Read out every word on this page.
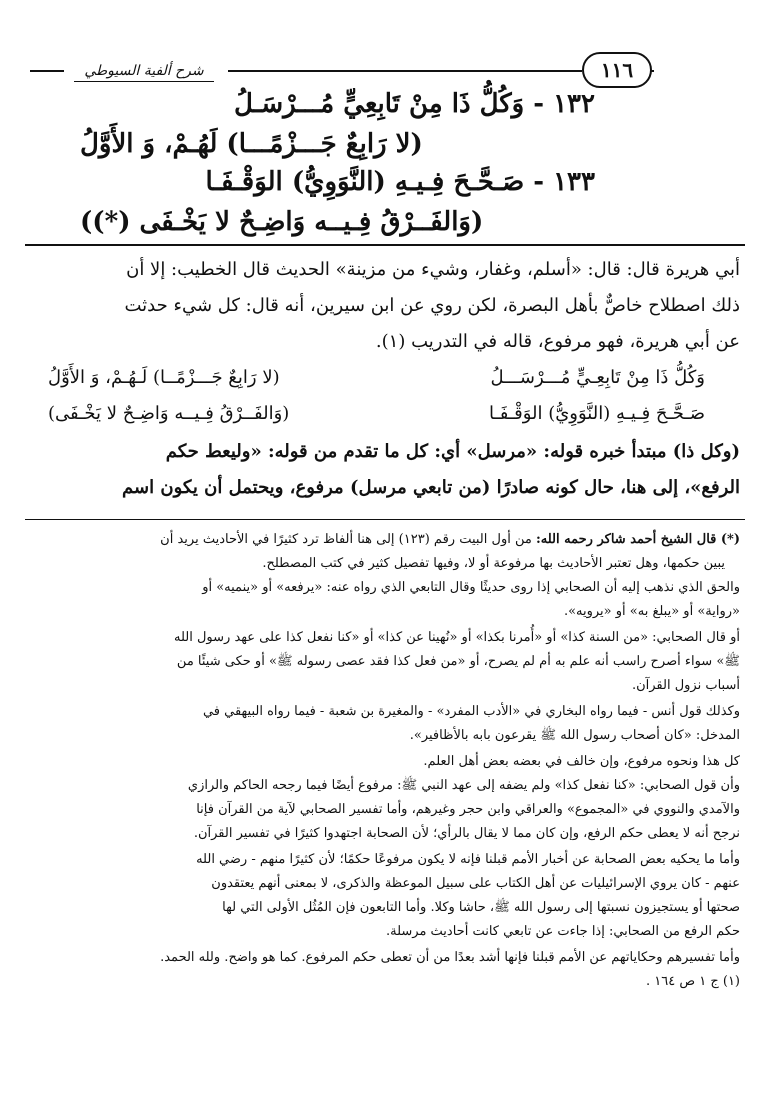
شرح ألفية السيوطي	١١٦
١٣٢ - وَكُلُّ ذَا مِنْ تَابِعِيٍّ مُـــرْسَـلُ
(لا رَابِعٌ جَـــزْمًـــا) لَهُـمْ، وَ الأَوَّلُ
١٣٣ - صَـحَّـحَ فِـيـهِ (النَّوَوِيُّ) الوَقْـفَـا
(وَالفَــرْقُ فِـيــه وَاضِـحٌ لا يَخْـفَى (*))
أبي هريرة قال: قال: «أسلم، وغفار، وشيء من مزينة» الحديث قال الخطيب: إلا أن
ذلك اصطلاح خاصٌّ بأهل البصرة، لكن روي عن ابن سيرين، أنه قال: كل شيء حدثت
عن أبي هريرة، فهو مرفوع، قاله في التدريب (١).
وَكُلُّ ذَا مِنْ تَابِعِـيٍّ مُـــرْسَـــلُ
(لا رَابِعٌ جَـــزْمًــا) لَـهُـمْ، وَ الأَوَّلُ
صَـحَّـحَ فِـيـهِ (النَّوَوِيُّ) الوَقْـفَـا
(وَالفَــرْقُ فِـيــه وَاضِـحٌ لا يَخْـفَى)
(وكل ذا) مبتدأ خبره قوله: «مرسل» أي: كل ما تقدم من قوله: «وليعط حكم
الرفع»، إلى هنا، حال كونه صادرًا (من تابعي مرسل) مرفوع، ويحتمل أن يكون اسم
(*) قال الشيخ أحمد شاكر رحمه الله: من أول البيت رقم (١٢٣) إلى هنا ألفاظ ترد كثيرًا في الأحاديث يريد أن
يبين حكمها، وهل تعتبر الأحاديث بها مرفوعة أو لا، وفيها تفصيل كثير في كتب المصطلح.
والحق الذي نذهب إليه أن الصحابي إذا روى حديثًا وقال التابعي الذي رواه عنه: «يرفعه» أو «ينميه» أو
«رواية» أو «يبلغ به» أو «يرويه».
أو قال الصحابي: «من السنة كذا» أو «أُمرنا بكذا» أو «نُهينا عن كذا» أو «كنا نفعل كذا على عهد رسول الله
ﷺ» سواء أصرح راسب أنه علم به أم لم يصرح، أو «من فعل كذا فقد عصى رسوله ﷺ» أو حكى شيئًا من
أسباب نزول القرآن.
وكذلك قول أنس - فيما رواه البخاري في «الأدب المفرد» - والمغيرة بن شعبة - فيما رواه البيهقي في
المدخل: «كان أصحاب رسول الله ﷺ يقرعون بابه بالأظافير».
كل هذا ونحوه مرفوع، وإن خالف في بعضه بعض أهل العلم.
وأن قول الصحابي: «كنا نفعل كذا» ولم يضفه إلى عهد النبي ﷺ: مرفوع أيضًا فيما رجحه الحاكم والرازي
والآمدي والنووي في «المجموع» والعراقي وابن حجر وغيرهم، وأما تفسير الصحابي لآية من القرآن فإنا
نرجح أنه لا يعطى حكم الرفع، وإن كان مما لا يقال بالرأي؛ لأن الصحابة اجتهدوا كثيرًا في تفسير القرآن.
وأما ما يحكيه بعض الصحابة عن أخبار الأمم قبلنا فإنه لا يكون مرفوعًا حكمًا؛ لأن كثيرًا منهم - رضي الله
عنهم - كان يروي الإسرائيليات عن أهل الكتاب على سبيل الموعظة والذكرى، لا بمعنى أنهم يعتقدون
صحتها أو يستجيزون نسبتها إلى رسول الله ﷺ، حاشا وكلا. وأما التابعون فإن المُثُل الأولى التي لها
حكم الرفع من الصحابي: إذا جاءت عن تابعي كانت أحاديث مرسلة.
وأما تفسيرهم وحكاياتهم عن الأمم قبلنا فإنها أشد بعدًا من أن تعطى حكم المرفوع. كما هو واضح. ولله الحمد.
(١) ج ١ ص ١٦٤ .
